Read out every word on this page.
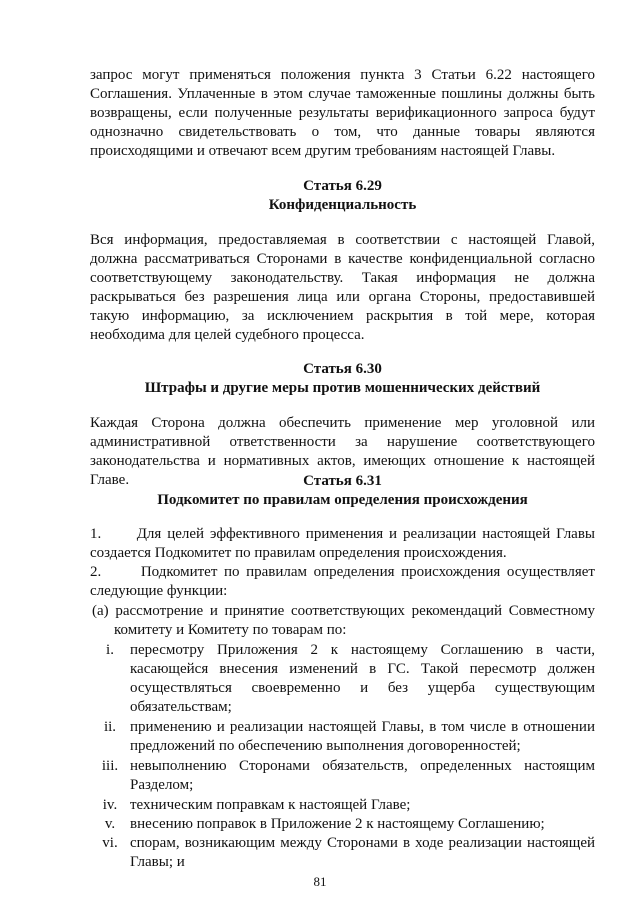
запрос могут применяться положения пункта 3 Статьи 6.22 настоящего
Соглашения. Уплаченные в этом случае таможенные пошлины должны быть
возвращены, если полученные результаты верификационного запроса будут
однозначно свидетельствовать о том, что данные товары являются
происходящими и отвечают всем другим требованиям настоящей Главы.
Статья 6.29
Конфиденциальность
Вся информация, предоставляемая в соответствии с настоящей Главой,
должна рассматриваться Сторонами в качестве конфиденциальной согласно
соответствующему законодательству. Такая информация не должна
раскрываться без разрешения лица или органа Стороны, предоставившей
такую информацию, за исключением раскрытия в той мере, которая
необходима для целей судебного процесса.
Статья 6.30
Штрафы и другие меры против мошеннических действий
Каждая Сторона должна обеспечить применение мер уголовной или
административной ответственности за нарушение соответствующего
законодательства и нормативных актов, имеющих отношение к настоящей
Главе.	Статья 6.31
Подкомитет по правилам определения происхождения
1.      Для целей эффективного применения и реализации настоящей Главы
создается Подкомитет по правилам определения происхождения.
2.      Подкомитет по правилам определения происхождения осуществляет
следующие функции:
(a) рассмотрение и принятие соответствующих рекомендаций Совместному
комитету и Комитету по товарам по:
i.	пересмотру Приложения 2 к настоящему Соглашению в части,
касающейся внесения изменений в ГС. Такой пересмотр должен
осуществляться своевременно и без ущерба существующим
обязательствам;
ii. применению и реализации настоящей Главы, в том числе в отношении
предложений по обеспечению выполнения договоренностей;
iii. невыполнению Сторонами обязательств, определенных настоящим
Разделом;
iv. техническим поправкам к настоящей Главе;
v. внесению поправок в Приложение 2 к настоящему Соглашению;
vi. спорам, возникающим между Сторонами в ходе реализации настоящей
Главы; и
81
